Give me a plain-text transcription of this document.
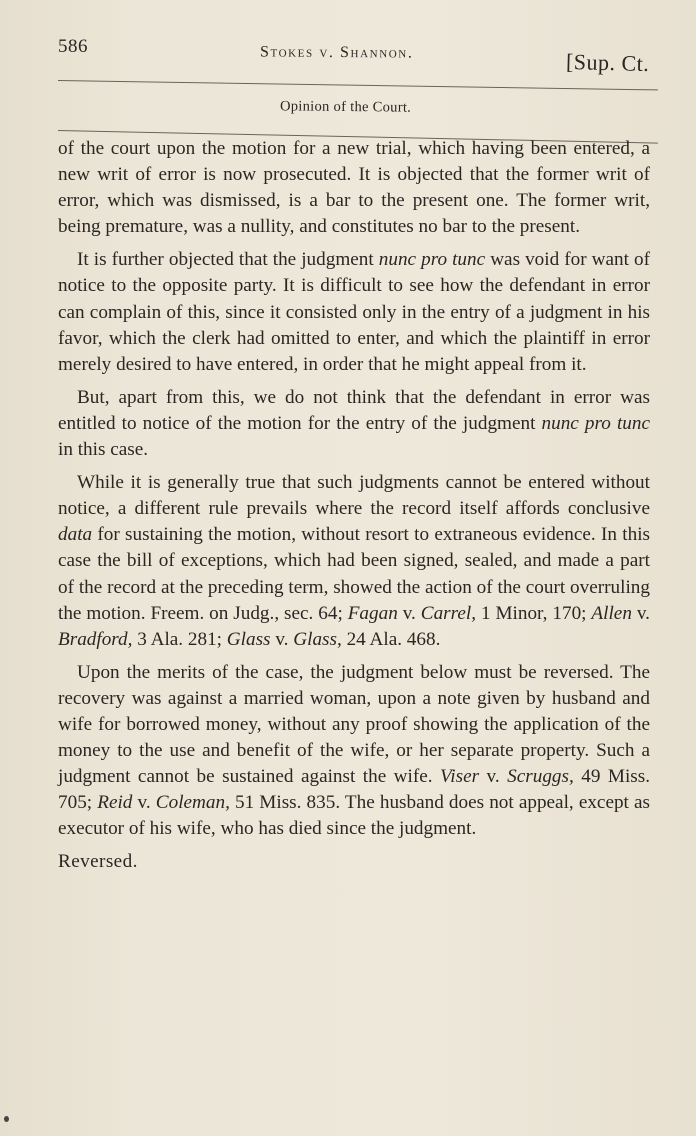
586	Stokes v. Shannon.	[Sup. Ct.
Opinion of the Court.

of the court upon the motion for a new trial, which having been entered, a new writ of error is now prosecuted. It is objected that the former writ of error, which was dismissed, is a bar to the present one. The former writ, being premature, was a nullity, and constitutes no bar to the present.

It is further objected that the judgment nunc pro tunc was void for want of notice to the opposite party. It is difficult to see how the defendant in error can complain of this, since it consisted only in the entry of a judgment in his favor, which the clerk had omitted to enter, and which the plaintiff in error merely desired to have entered, in order that he might appeal from it.

But, apart from this, we do not think that the defendant in error was entitled to notice of the motion for the entry of the judgment nunc pro tunc in this case.

While it is generally true that such judgments cannot be entered without notice, a different rule prevails where the record itself affords conclusive data for sustaining the motion, without resort to extraneous evidence. In this case the bill of exceptions, which had been signed, sealed, and made a part of the record at the preceding term, showed the action of the court overruling the motion. Freem. on Judg., sec. 64; Fagan v. Carrel, 1 Minor, 170; Allen v. Bradford, 3 Ala. 281; Glass v. Glass, 24 Ala. 468.

Upon the merits of the case, the judgment below must be reversed. The recovery was against a married woman, upon a note given by husband and wife for borrowed money, without any proof showing the application of the money to the use and benefit of the wife, or her separate property. Such a judgment cannot be sustained against the wife. Viser v. Scruggs, 49 Miss. 705; Reid v. Coleman, 51 Miss. 835. The husband does not appeal, except as executor of his wife, who has died since the judgment.

Reversed.
